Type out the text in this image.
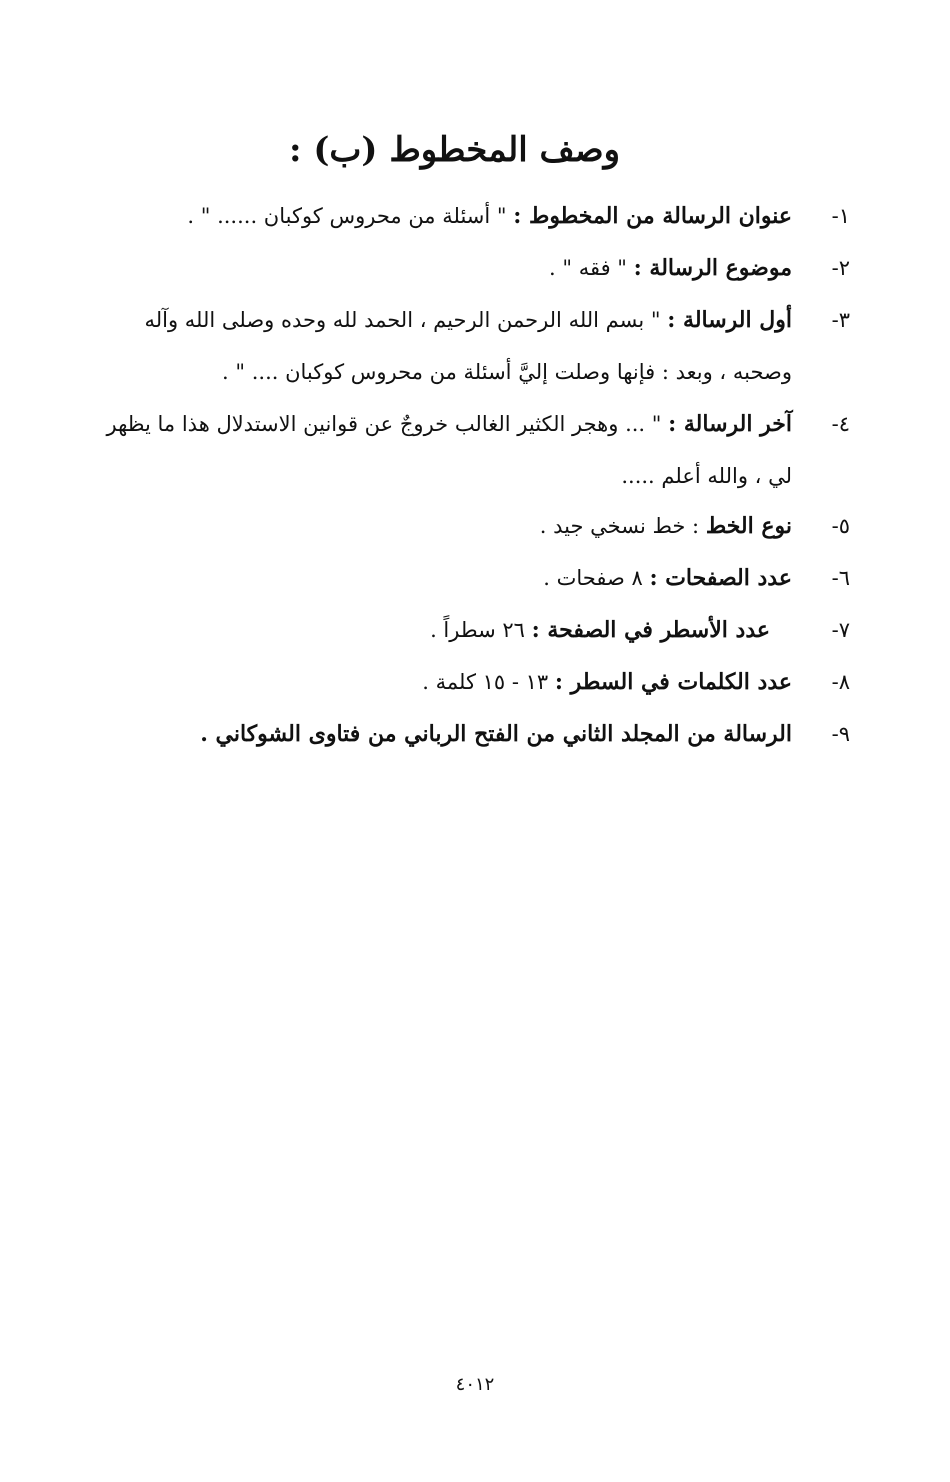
وصف المخطوط (ب) :
١-
عنوان الرسالة من المخطوط : " أسئلة من محروس كوكبان ...... " .
٢-
موضوع الرسالة : " فقه " .
٣-
أول الرسالة : " بسم الله الرحمن الرحيم ، الحمد لله وحده وصلى الله وآله وصحبه ، وبعد : فإنها وصلت إليَّ أسئلة من محروس كوكبان .... " .
٤-
آخر الرسالة : " ... وهجر الكثير الغالب خروجٌ عن قوانين الاستدلال هذا ما يظهر لي ، والله أعلم .....
٥-
نوع الخط : خط نسخي جيد .
٦-
عدد الصفحات : ٨ صفحات .
٧-
عدد الأسطر في الصفحة : ٢٦ سطراً .
٨-
عدد الكلمات في السطر : ١٣ - ١٥ كلمة .
٩-
الرسالة من المجلد الثاني من الفتح الرباني من فتاوى الشوكاني .
٤٠١٢
